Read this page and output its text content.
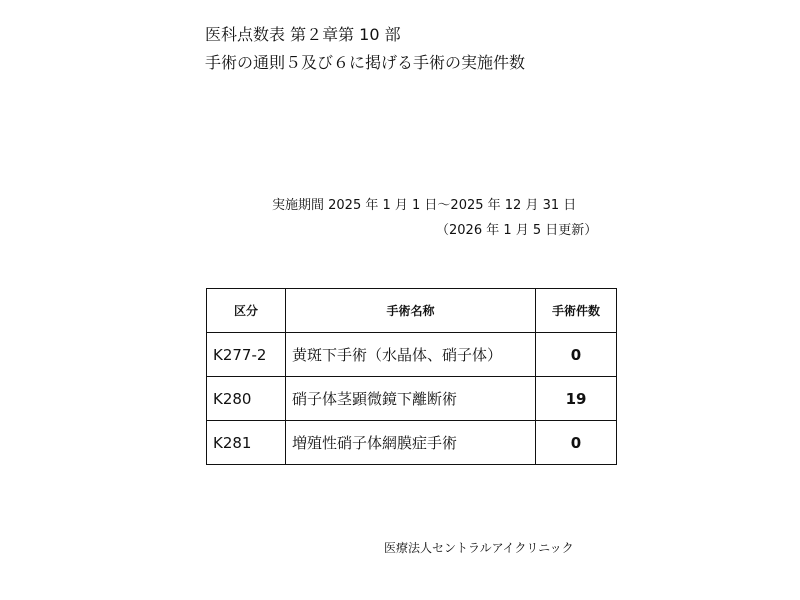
医科点数表 第２章第 10 部
手術の通則５及び６に掲げる手術の実施件数
実施期間 2025 年 1 月 1 日～2025 年 12 月 31 日
（2026 年 1 月 5 日更新）
区分	手術名称	手術件数
K277-2	黄斑下手術（水晶体、硝子体）	0
K280	硝子体茎顕微鏡下離断術	19
K281	増殖性硝子体網膜症手術	0
医療法人セントラルアイクリニック
